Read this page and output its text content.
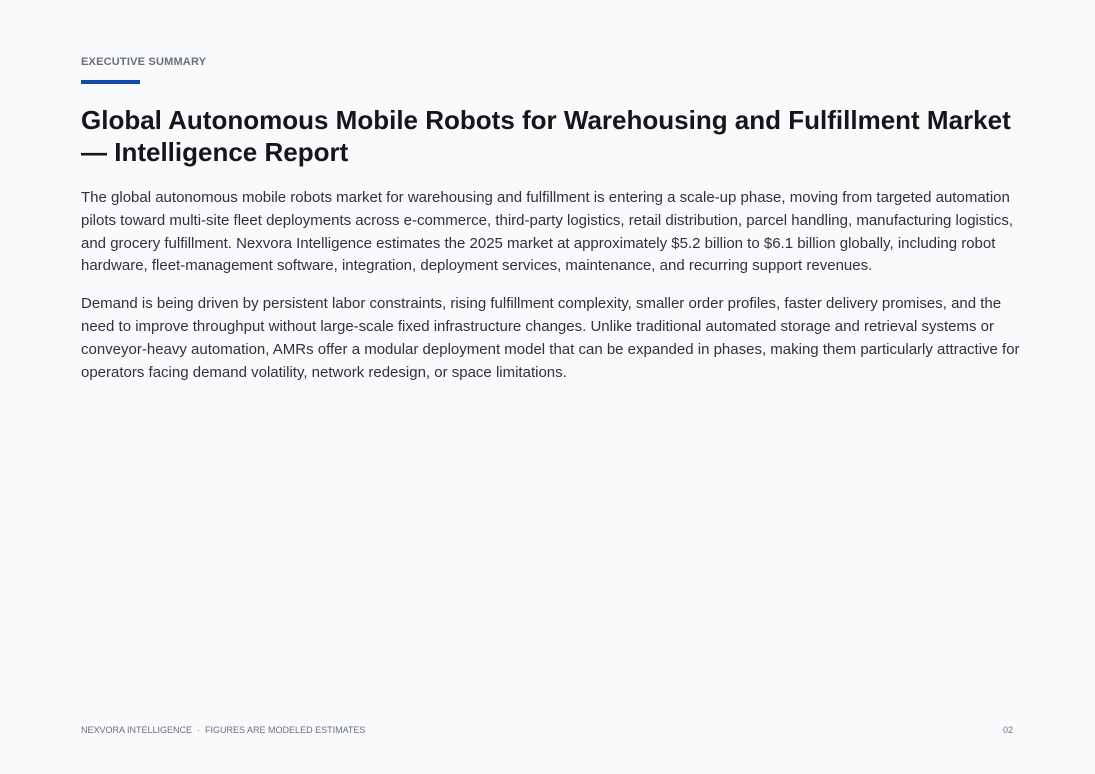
EXECUTIVE SUMMARY
Global Autonomous Mobile Robots for Warehousing and Fulfillment Market — Intelligence Report

The global autonomous mobile robots market for warehousing and fulfillment is entering a scale-up phase, moving from targeted automation pilots toward multi-site fleet deployments across e-commerce, third-party logistics, retail distribution, parcel handling, manufacturing logistics, and grocery fulfillment. Nexvora Intelligence estimates the 2025 market at approximately $5.2 billion to $6.1 billion globally, including robot hardware, fleet-management software, integration, deployment services, maintenance, and recurring support revenues.

Demand is being driven by persistent labor constraints, rising fulfillment complexity, smaller order profiles, faster delivery promises, and the need to improve throughput without large-scale fixed infrastructure changes. Unlike traditional automated storage and retrieval systems or conveyor-heavy automation, AMRs offer a modular deployment model that can be expanded in phases, making them particularly attractive for operators facing demand volatility, network redesign, or space limitations.

NEXVORA INTELLIGENCE · FIGURES ARE MODELED ESTIMATES	02
